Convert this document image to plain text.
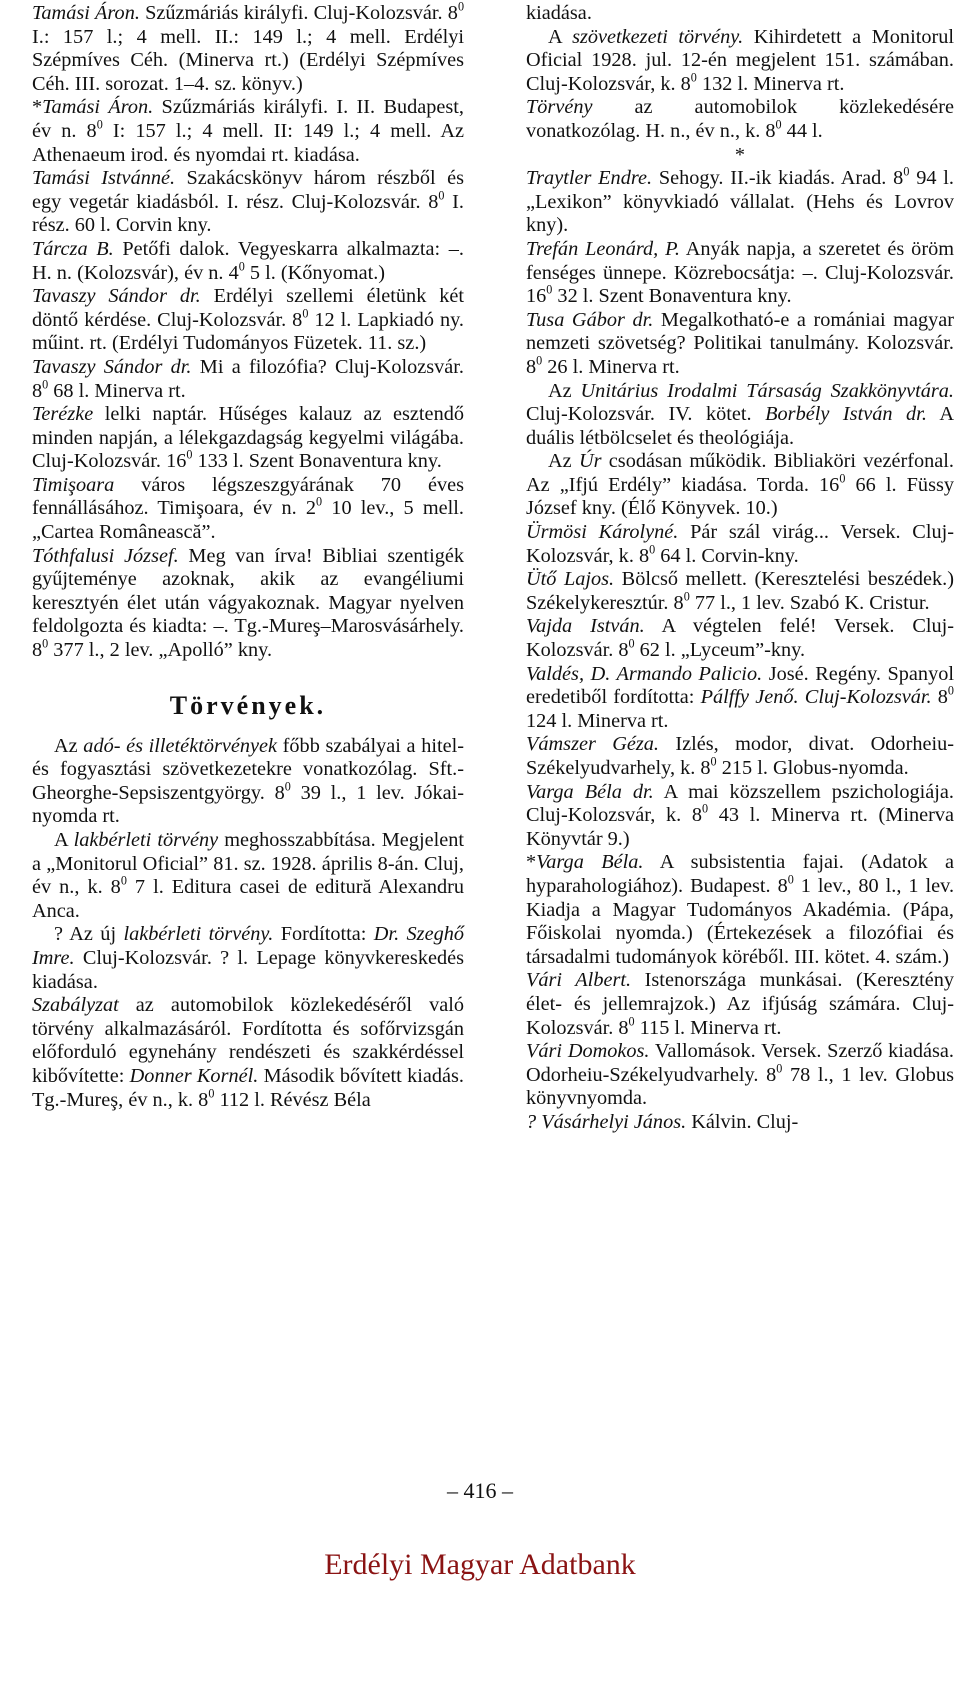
Tamási Áron. Szűzmáriás királyfi. Cluj-Kolozsvár. $8^0$ I.: 157 l.; 4 mell. II.: 149 l.; 4 mell. Erdélyi Szépmíves Céh. (Minerva rt.) (Erdélyi Szépmíves Céh. III. sorozat. 1–4. sz. könyv.)

*Tamási Áron. Szűzmáriás királyfi. I. II. Budapest, év n. $8^0$ I: 157 l.; 4 mell. II: 149 l.; 4 mell. Az Athenaeum irod. és nyomdai rt. kiadása.

Tamási Istvánné. Szakácskönyv három részből és egy vegetár kiadásból. I. rész. Cluj-Kolozsvár. $8^0$ I. rész. 60 l. Corvin kny.

Tárcza B. Petőfi dalok. Vegyeskarra alkalmazta: –. H. n. (Kolozsvár), év n. $4^0$ 5 l. (Kőnyomat.)

Tavaszy Sándor dr. Erdélyi szellemi életünk két döntő kérdése. Cluj-Kolozsvár. $8^0$ 12 l. Lapkiadó ny. műint. rt. (Erdélyi Tudományos Füzetek. 11. sz.)

Tavaszy Sándor dr. Mi a filozófia? Cluj-Kolozsvár. $8^0$ 68 l. Minerva rt.

Terézke lelki naptár. Hűséges kalauz az esztendő minden napján, a lélekgazdagság kegyelmi világába. Cluj-Kolozsvár. $16^0$ 133 l. Szent Bonaventura kny.

Timişoara város légszeszgyárának 70 éves fennállásához. Timişoara, év n. $2^0$ 10 lev., 5 mell. „Cartea Românească”.

Tóthfalusi József. Meg van írva! Bibliai szentigék gyűjteménye azoknak, akik az evangéliumi keresztyén élet után vágyakoznak. Magyar nyelven feldolgozta és kiadta: –. Tg.-Mureş–Marosvásárhely. $8^0$ 377 l., 2 lev. „Apolló” kny.

Törvények.

Az adó- és illetéktörvények főbb szabályai a hitel- és fogyasztási szövetkezetekre vonatkozólag. Sft.-Gheorghe-Sepsiszentgyörgy. $8^0$ 39 l., 1 lev. Jókai-nyomda rt.

A lakbérleti törvény meghosszabbítása. Megjelent a „Monitorul Oficial” 81. sz. 1928. április 8-án. Cluj, év n., k. $8^0$ 7 l. Editura casei de editură Alexandru Anca.

? Az új lakbérleti törvény. Fordította: Dr. Szeghő Imre. Cluj-Kolozsvár. ? l. Lepage könyvkereskedés kiadása.

Szabályzat az automobilok közlekedéséről való törvény alkalmazásáról. Fordította és sofőrvizsgán előforduló egynehány rendészeti és szakkérdéssel kibővítette: Donner Kornél. Második bővített kiadás. Tg.-Mureş, év n., k. $8^0$ 112 l. Révész Béla

kiadása.

A szövetkezeti törvény. Kihirdetett a Monitorul Oficial 1928. jul. 12-én megjelent 151. számában. Cluj-Kolozsvár, k. $8^0$ 132 l. Minerva rt.

Törvény az automobilok közlekedésére vonatkozólag. H. n., év n., k. $8^0$ 44 l.

*

Traytler Endre. Sehogy. II.-ik kiadás. Arad. $8^0$ 94 l. „Lexikon” könyvkiadó vállalat. (Hehs és Lovrov kny).

Trefán Leonárd, P. Anyák napja, a szeretet és öröm fenséges ünnepe. Közrebocsátja: –. Cluj-Kolozsvár. $16^0$ 32 l. Szent Bonaventura kny.

Tusa Gábor dr. Megalkotható-e a romániai magyar nemzeti szövetség? Politikai tanulmány. Kolozsvár. $8^0$ 26 l. Minerva rt.

Az Unitárius Irodalmi Társaság Szakkönyvtára. Cluj-Kolozsvár. IV. kötet. Borbély István dr. A duális létbölcselet és theológiája.

Az Úr csodásan működik. Bibliaköri vezérfonal. Az „Ifjú Erdély” kiadása. Torda. $16^0$ 66 l. Füssy József kny. (Élő Könyvek. 10.)

Ürmösi Károlyné. Pár szál virág... Versek. Cluj-Kolozsvár, k. $8^0$ 64 l. Corvin-kny.

Ütő Lajos. Bölcső mellett. (Keresztelési beszédek.) Székelykeresztúr. $8^0$ 77 l., 1 lev. Szabó K. Cristur.

Vajda István. A végtelen felé! Versek. Cluj-Kolozsvár. $8^0$ 62 l. „Lyceum”-kny.

Valdés, D. Armando Palicio. José. Regény. Spanyol eredetiből fordította: Pálffy Jenő. Cluj-Kolozsvár. $8^0$ 124 l. Minerva rt.

Vámszer Géza. Izlés, modor, divat. Odorheiu-Székelyudvarhely, k. $8^0$ 215 l. Globus-nyomda.

Varga Béla dr. A mai közszellem pszichologiája. Cluj-Kolozsvár, k. $8^0$ 43 l. Minerva rt. (Minerva Könyvtár 9.)

*Varga Béla. A subsistentia fajai. (Adatok a hyparahologiához). Budapest. $8^0$ 1 lev., 80 l., 1 lev. Kiadja a Magyar Tudományos Akadémia. (Pápa, Főiskolai nyomda.) (Értekezések a filozófiai és társadalmi tudományok köréből. III. kötet. 4. szám.)

Vári Albert. Istenországa munkásai. (Keresztény élet- és jellemrajzok.) Az ifjúság számára. Cluj-Kolozsvár. $8^0$ 115 l. Minerva rt.

Vári Domokos. Vallomások. Versek. Szerző kiadása. Odorheiu-Székelyudvarhely. $8^0$ 78 l., 1 lev. Globus könyvnyomda.

? Vásárhelyi János. Kálvin. Cluj-

– 416 –
Erdélyi Magyar Adatbank
